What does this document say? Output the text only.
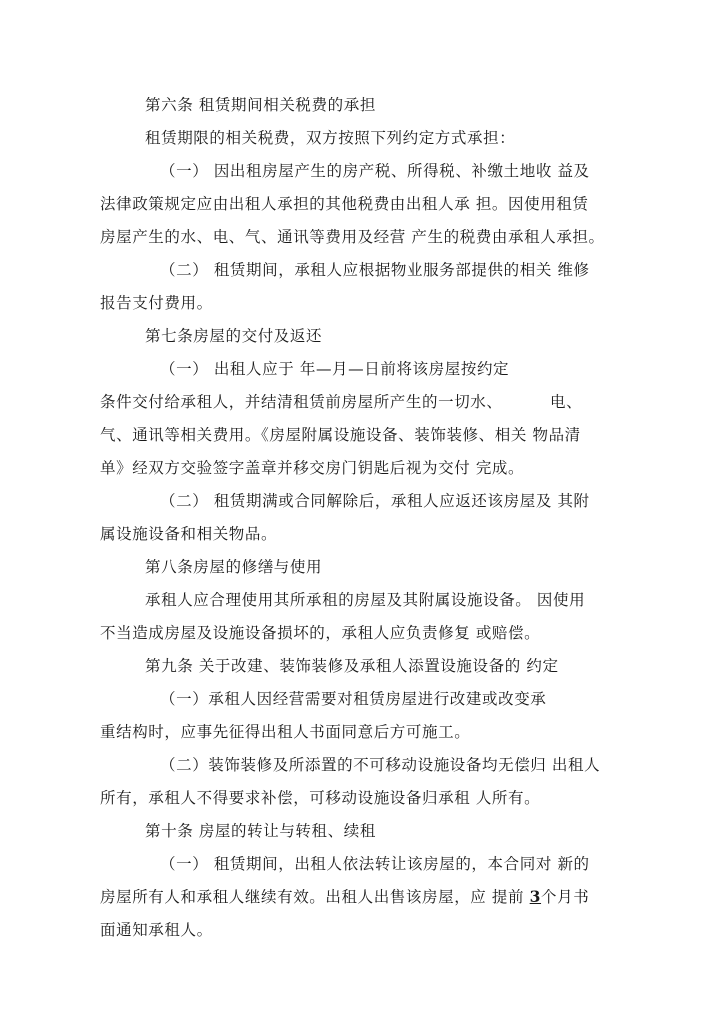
第六条 租赁期间相关税费的承担
租赁期限的相关税费，双方按照下列约定方式承担：
（一） 因出租房屋产生的房产税、所得税、补缴土地收 益及
法律政策规定应由出租人承担的其他税费由出租人承 担。因使用租赁
房屋产生的水、电、气、通讯等费用及经营 产生的税费由承租人承担。
（二） 租赁期间，承租人应根据物业服务部提供的相关 维修
报告支付费用。
第七条房屋的交付及返还
（一） 出租人应于 年—月—日前将该房屋按约定
条件交付给承租人，并结清租赁前房屋所产生的一切水、	电、
气、通讯等相关费用。《房屋附属设施设备、装饰装修、相关 物品清
单》经双方交验签字盖章并移交房门钥匙后视为交付 完成。
（二） 租赁期满或合同解除后，承租人应返还该房屋及 其附
属设施设备和相关物品。
第八条房屋的修缮与使用
承租人应合理使用其所承租的房屋及其附属设施设备。 因使用
不当造成房屋及设施设备损坏的，承租人应负责修复 或赔偿。
第九条 关于改建、装饰装修及承租人添置设施设备的 约定
（一）承租人因经营需要对租赁房屋进行改建或改变承
重结构时，应事先征得出租人书面同意后方可施工。
（二）装饰装修及所添置的不可移动设施设备均无偿归 出租人
所有，承租人不得要求补偿，可移动设施设备归承租 人所有。
第十条 房屋的转让与转租、续租
（一） 租赁期间，出租人依法转让该房屋的，本合同对 新的
房屋所有人和承租人继续有效。出租人出售该房屋，应 提前 3个月书
面通知承租人。
